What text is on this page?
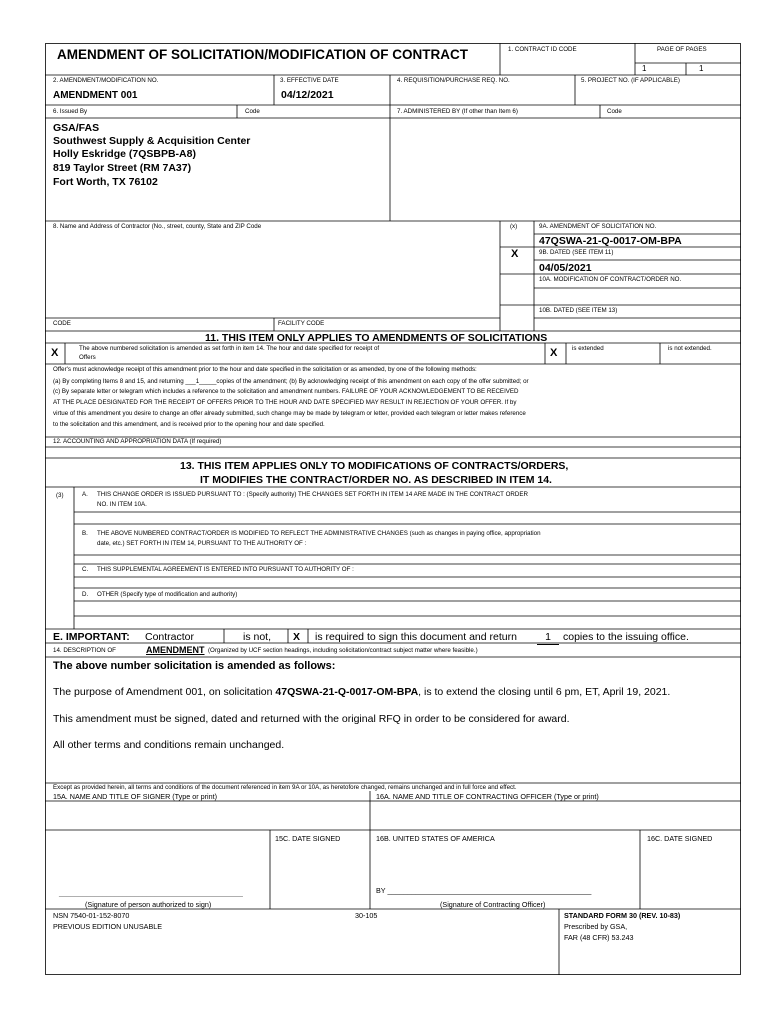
AMENDMENT OF SOLICITATION/MODIFICATION OF CONTRACT	1. CONTRACT ID CODE	PAGE OF PAGES
1	1
2. AMENDMENT/MODIFICATION NO.
AMENDMENT 001
3. EFFECTIVE DATE
04/12/2021
4. REQUISITION/PURCHASE REQ. NO.	5. PROJECT NO. (IF APPLICABLE)
6. Issued By	Code	7. ADMINISTERED BY (If other than Item 6)	Code
GSA/FAS
Southwest Supply & Acquisition Center
Holly Eskridge (7QSBPB-A8)
819 Taylor Street (RM 7A37)
Fort Worth, TX 76102
8. Name and Address of Contractor (No., street, county, State and ZIP Code	(x)	9A. AMENDMENT OF SOLICITATION NO.
47QSWA-21-Q-0017-OM-BPA
X	9B. DATED (SEE ITEM 11)
04/05/2021
10A. MODIFICATION OF CONTRACT/ORDER NO.
10B. DATED (SEE ITEM 13)
CODE	FACILITY CODE
11. THIS ITEM ONLY APPLIES TO AMENDMENTS OF SOLICITATIONS
X	The above numbered solicitation is amended as set forth in item 14. The hour and date specified for receipt of
Offers	X is extended	is not extended.
Offer's must acknowledge receipt of this amendment prior to the hour and date specified in the solicitation or as amended, by one of the following methods:
(a) By completing Items 8 and 15, and returning ___1_____copies of the amendment; (b) By acknowledging receipt of this amendment on each copy of the offer submitted; or
(c) By separate letter or telegram which includes a reference to the solicitation and amendment numbers. FAILURE OF YOUR ACKNOWLEDGEMENT TO BE RECEIVED
AT THE PLACE DESIGNATED FOR THE RECEIPT OF OFFERS PRIOR TO THE HOUR AND DATE SPECIFIED MAY RESULT IN REJECTION OF YOUR OFFER. If by
virtue of this amendment you desire to change an offer already submitted, such change may be made by telegram or letter, provided each telegram or letter makes reference
to the solicitation and this amendment, and is received prior to the opening hour and date specified.
12. ACCOUNTING AND APPROPRIATION DATA (If required)
13. THIS ITEM APPLIES ONLY TO MODIFICATIONS OF CONTRACTS/ORDERS,
IT MODIFIES THE CONTRACT/ORDER NO. AS DESCRIBED IN ITEM 14.
(3)	A. THIS CHANGE ORDER IS ISSUED PURSUANT TO : (Specify authority) THE CHANGES SET FORTH IN ITEM 14 ARE MADE IN THE CONTRACT ORDER
NO. IN ITEM 10A.
B. THE ABOVE NUMBERED CONTRACT/ORDER IS MODIFIED TO REFLECT THE ADMINISTRATIVE CHANGES (such as changes in paying office, appropriation
date, etc.) SET FORTH IN ITEM 14, PURSUANT TO THE AUTHORITY OF :
C. THIS SUPPLEMENTAL AGREEMENT IS ENTERED INTO PURSUANT TO AUTHORITY OF :
D. OTHER (Specify type of modification and authority)
E. IMPORTANT: Contractor	is not, X is required to sign this document and return	1	copies to the issuing office.
14. DESCRIPTION OF	AMENDMENT (Organized by UCF section headings, including solicitation/contract subject matter where feasible.)
The above number solicitation is amended as follows:
The purpose of Amendment 001, on solicitation 47QSWA-21-Q-0017-OM-BPA, is to extend the closing until 6 pm, ET, April 19, 2021.
This amendment must be signed, dated and returned with the original RFQ in order to be considered for award.
All other terms and conditions remain unchanged.
Except as provided herein, all terms and conditions of the document referenced in item 9A or 10A, as heretofore changed, remains unchanged and in full force and effect.
15A. NAME AND TITLE OF SIGNER (Type or print)	16A. NAME AND TITLE OF CONTRACTING OFFICER (Type or print)
15C. DATE SIGNED	16B. UNITED STATES OF AMERICA	16C. DATE SIGNED
______________________________________________	BY ___________________________________________________
(Signature of person authorized to sign)	(Signature of Contracting Officer)
NSN 7540-01-152-8070
PREVIOUS EDITION UNUSABLE
30-105	STANDARD FORM 30 (REV. 10-83)
Prescribed by GSA,
FAR (48 CFR) 53.243
